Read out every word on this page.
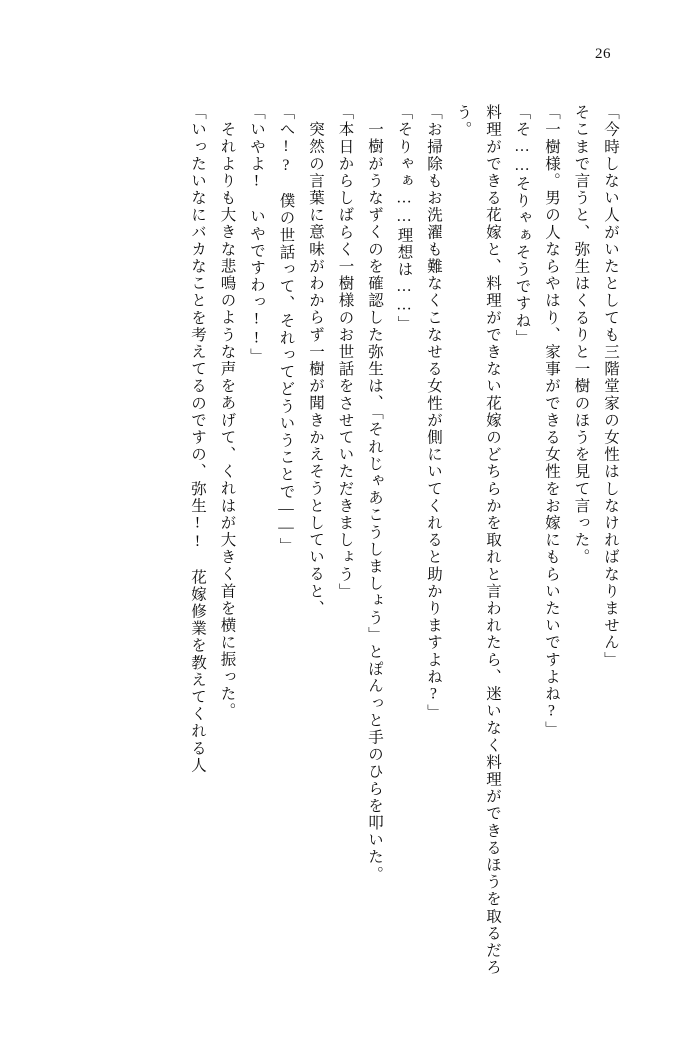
26

「今時しない人がいたとしても三階堂家の女性はしなければなりません」

そこまで言うと、弥生はくるりと一樹のほうを見て言った。

「一樹様。男の人ならやはり、家事ができる女性をお嫁にもらいたいですよね?」

「そ……そりゃぁそうですね」

料理ができる花嫁と、料理ができない花嫁のどちらかを取れと言われたら、迷いなく料理ができるほうを取るだろう。

「お掃除もお洗濯も難なくこなせる女性が側にいてくれると助かりますよね?」

「そりゃぁ……理想は……」

一樹がうなずくのを確認した弥生は、「それじゃあこうしましょう」とぽんっと手のひらを叩いた。

「本日からしばらく一樹様のお世話をさせていただきましょう」

突然の言葉に意味がわからず一樹が聞きかえそうとしていると、

「へ!?　僕の世話って、それってどういうことで——」

「いやよ!　いやですわっ!!」

それよりも大きな悲鳴のような声をあげて、くれはが大きく首を横に振った。

「いったいなにバカなことを考えてるのですの、弥生!!　花嫁修業を教えてくれる人
